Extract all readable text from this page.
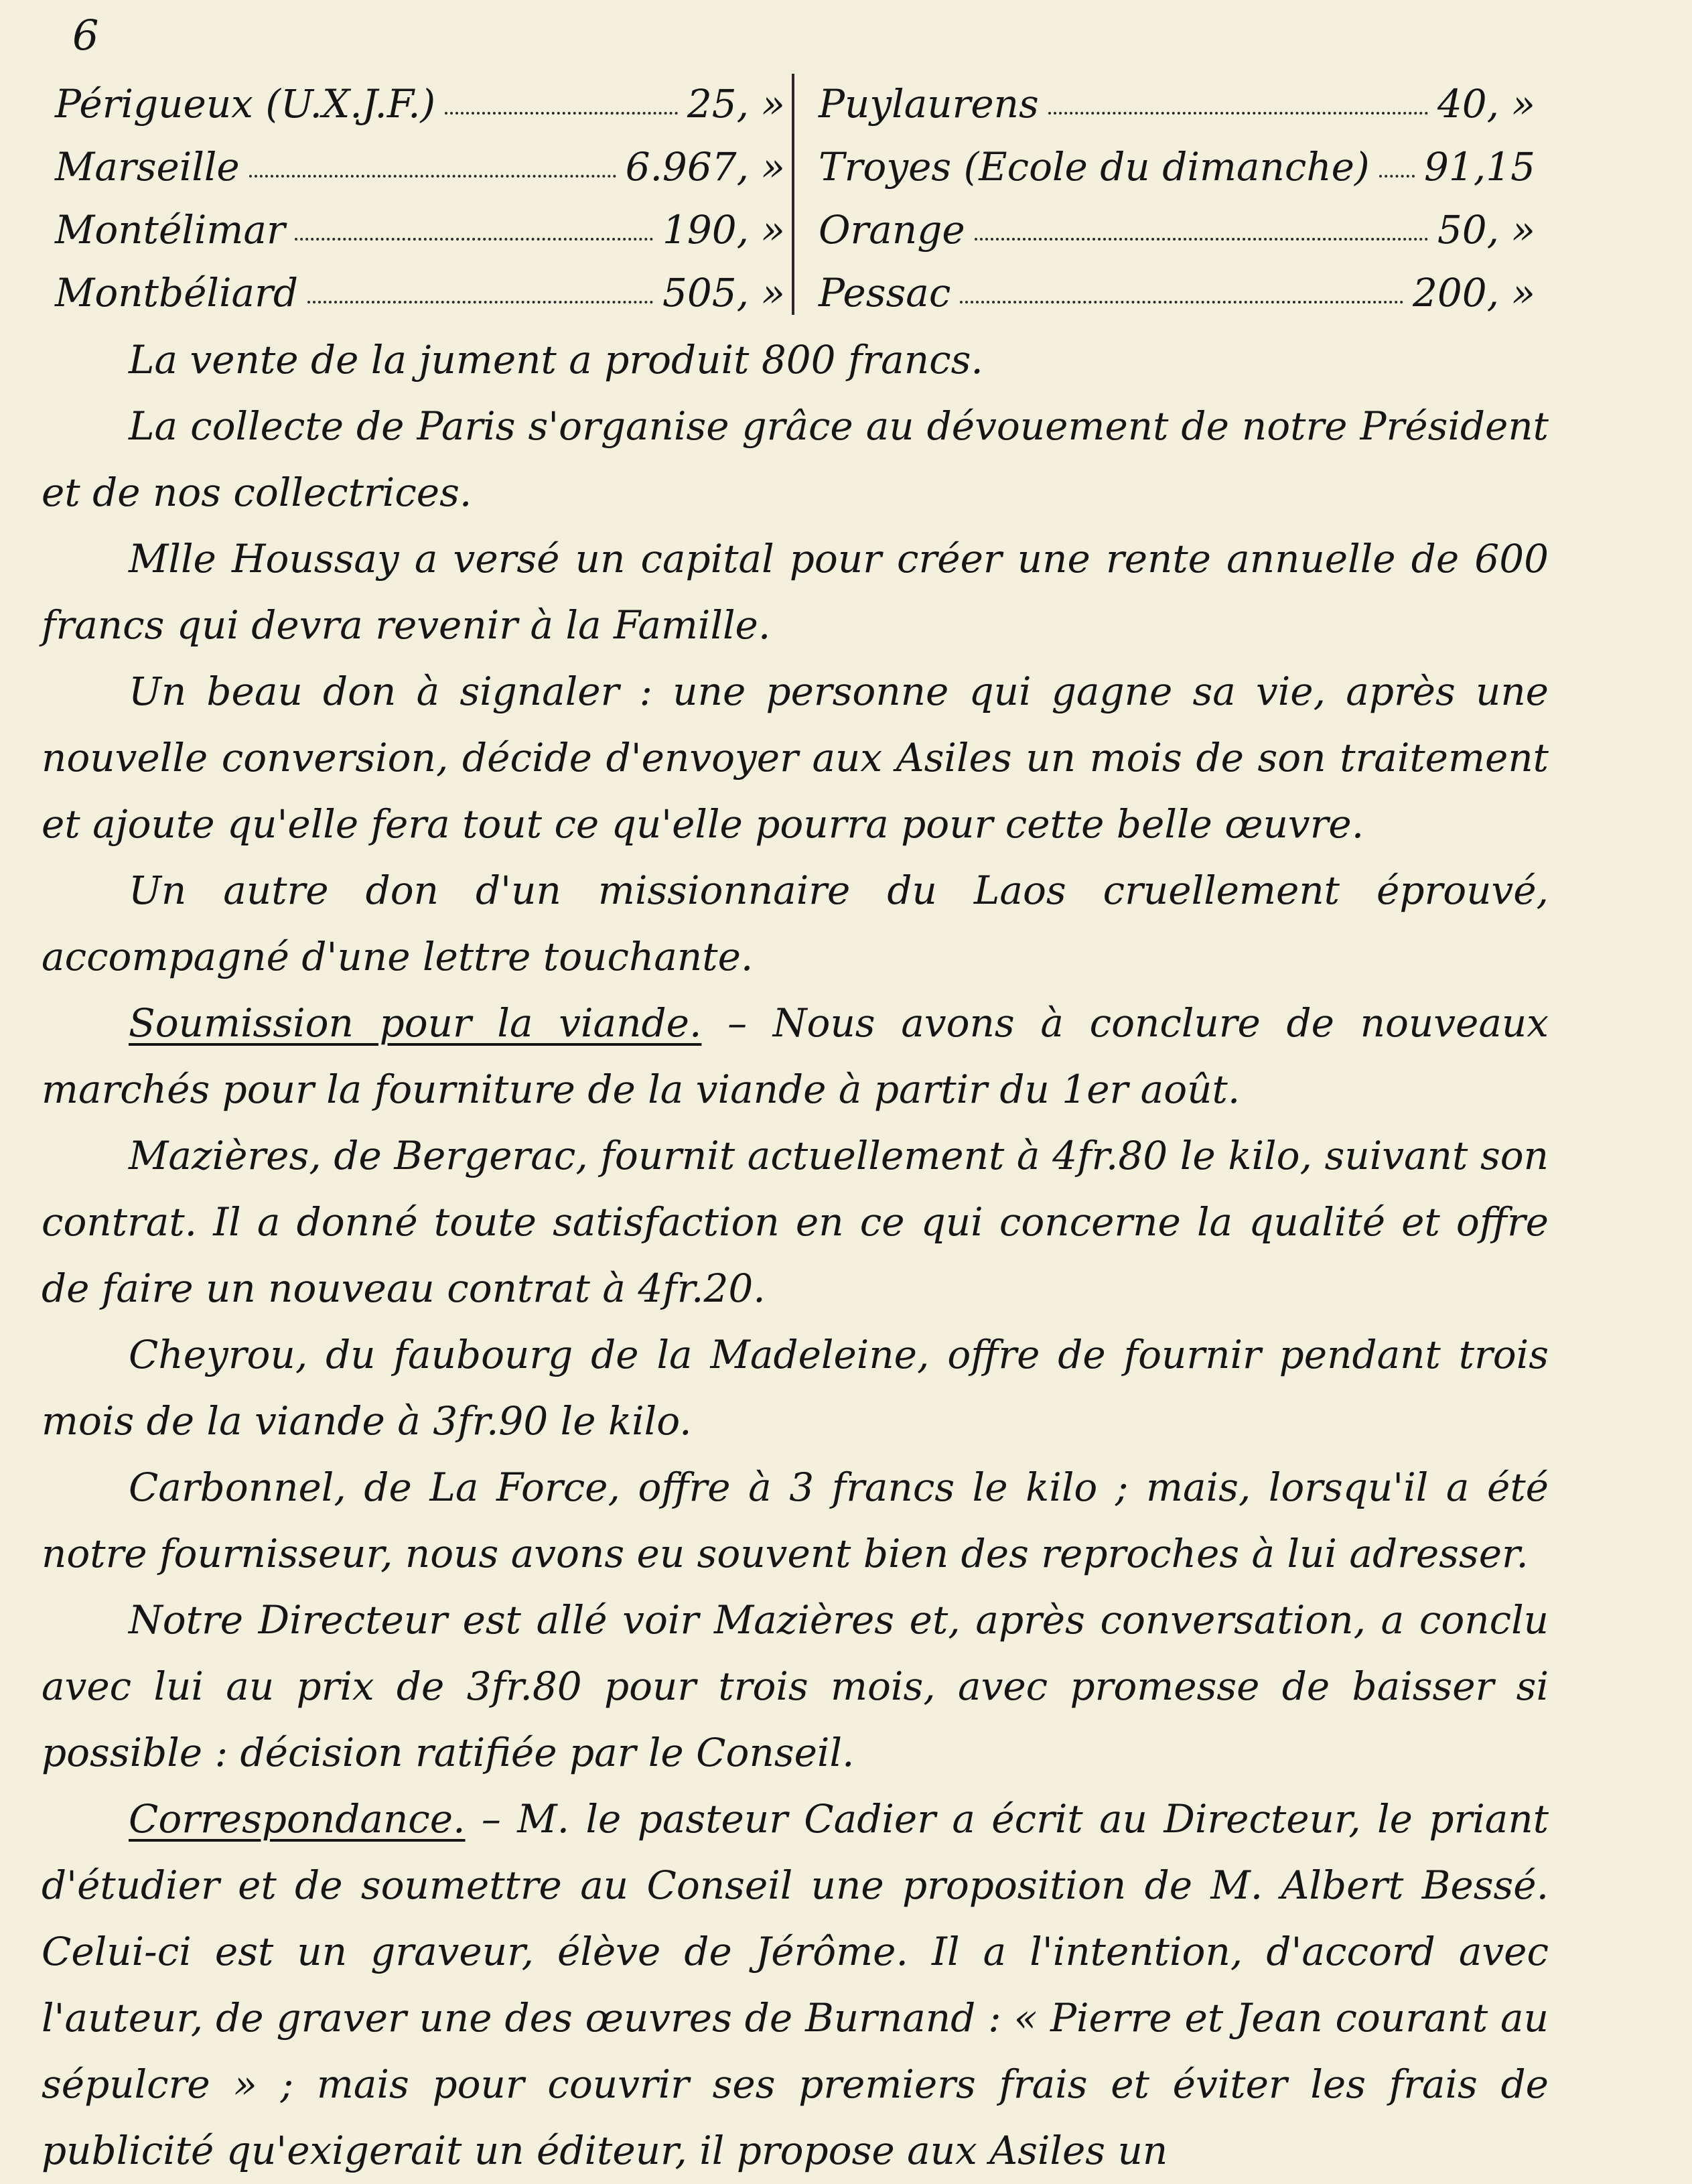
6
Périgueux (U.X.J.F.)	25, »
Marseille	6.967, »
Montélimar	190, »
Montbéliard	505, »
Puylaurens	40, »
Troyes (Ecole du dimanche) 91,15
Orange	50, »
Pessac	200, »

La vente de la jument a produit 800 francs.

La collecte de Paris s'organise grâce au dévouement de notre Président et de nos collectrices.

Mlle Houssay a versé un capital pour créer une rente annuelle de 600 francs qui devra revenir à la Famille.

Un beau don à signaler : une personne qui gagne sa vie, après une nouvelle conversion, décide d'envoyer aux Asiles un mois de son traitement et ajoute qu'elle fera tout ce qu'elle pourra pour cette belle œuvre.

Un autre don d'un missionnaire du Laos cruellement éprouvé, accompagné d'une lettre touchante.

Soumission pour la viande. – Nous avons à conclure de nouveaux marchés pour la fourniture de la viande à partir du 1er août.

Mazières, de Bergerac, fournit actuellement à 4fr.80 le kilo, suivant son contrat. Il a donné toute satisfaction en ce qui concerne la qualité et offre de faire un nouveau contrat à 4fr.20.

Cheyrou, du faubourg de la Madeleine, offre de fournir pendant trois mois de la viande à 3fr.90 le kilo.

Carbonnel, de La Force, offre à 3 francs le kilo ; mais, lorsqu'il a été notre fournisseur, nous avons eu souvent bien des reproches à lui adresser.

Notre Directeur est allé voir Mazières et, après conversation, a conclu avec lui au prix de 3fr.80 pour trois mois, avec promesse de baisser si possible : décision ratifiée par le Conseil.

Correspondance. – M. le pasteur Cadier a écrit au Directeur, le priant d'étudier et de soumettre au Conseil une proposition de M. Albert Bessé. Celui-ci est un graveur, élève de Jérôme. Il a l'intention, d'accord avec l'auteur, de graver une des œuvres de Burnand : « Pierre et Jean courant au sépulcre » ; mais pour couvrir ses premiers frais et éviter les frais de publicité qu'exigerait un éditeur, il propose aux Asiles un
